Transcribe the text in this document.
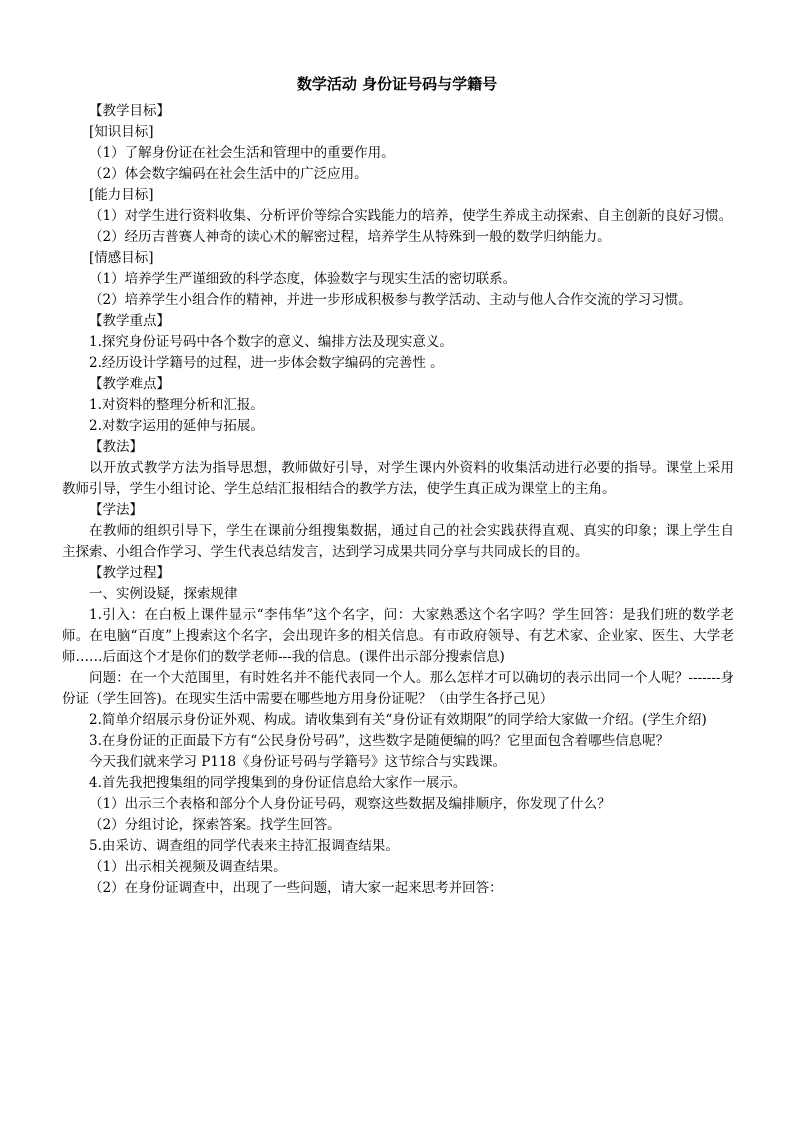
数学活动 身份证号码与学籍号

【教学目标】

[知识目标]

（1）了解身份证在社会生活和管理中的重要作用。

（2）体会数字编码在社会生活中的广泛应用。

[能力目标]

（1）对学生进行资料收集、分析评价等综合实践能力的培养，使学生养成主动探索、自主创新的良好习惯。

（2）经历吉普赛人神奇的读心术的解密过程，培养学生从特殊到一般的数学归纳能力。

[情感目标]

（1）培养学生严谨细致的科学态度，体验数字与现实生活的密切联系。

（2）培养学生小组合作的精神，并进一步形成积极参与教学活动、主动与他人合作交流的学习习惯。

【教学重点】

1.探究身份证号码中各个数字的意义、编排方法及现实意义。

2.经历设计学籍号的过程，进一步体会数字编码的完善性 。

【教学难点】

1.对资料的整理分析和汇报。

2.对数字运用的延伸与拓展。

【教法】

以开放式教学方法为指导思想，教师做好引导，对学生课内外资料的收集活动进行必要的指导。课堂上采用教师引导，学生小组讨论、学生总结汇报相结合的教学方法，使学生真正成为课堂上的主角。

【学法】

在教师的组织引导下，学生在课前分组搜集数据，通过自己的社会实践获得直观、真实的印象；课上学生自主探索、小组合作学习、学生代表总结发言，达到学习成果共同分享与共同成长的目的。

【教学过程】

一、实例设疑，探索规律

1.引入：在白板上课件显示“李伟华”这个名字，问：大家熟悉这个名字吗？学生回答：是我们班的数学老师。在电脑“百度”上搜索这个名字，会出现许多的相关信息。有市政府领导、有艺术家、企业家、医生、大学老师……后面这个才是你们的数学老师---我的信息。(课件出示部分搜索信息)

问题：在一个大范围里，有时姓名并不能代表同一个人。那么怎样才可以确切的表示出同一个人呢？-------身份证（学生回答)。在现实生活中需要在哪些地方用身份证呢？（由学生各抒己见）

2.简单介绍展示身份证外观、构成。请收集到有关“身份证有效期限”的同学给大家做一介绍。(学生介绍)

3.在身份证的正面最下方有“公民身份号码”，这些数字是随便编的吗？它里面包含着哪些信息呢？

今天我们就来学习 P118《身份证号码与学籍号》这节综合与实践课。

4.首先我把搜集组的同学搜集到的身份证信息给大家作一展示。

（1）出示三个表格和部分个人身份证号码，观察这些数据及编排顺序，你发现了什么？

（2）分组讨论，探索答案。找学生回答。

5.由采访、调查组的同学代表来主持汇报调查结果。

（1）出示相关视频及调查结果。

（2）在身份证调查中，出现了一些问题，请大家一起来思考并回答：
